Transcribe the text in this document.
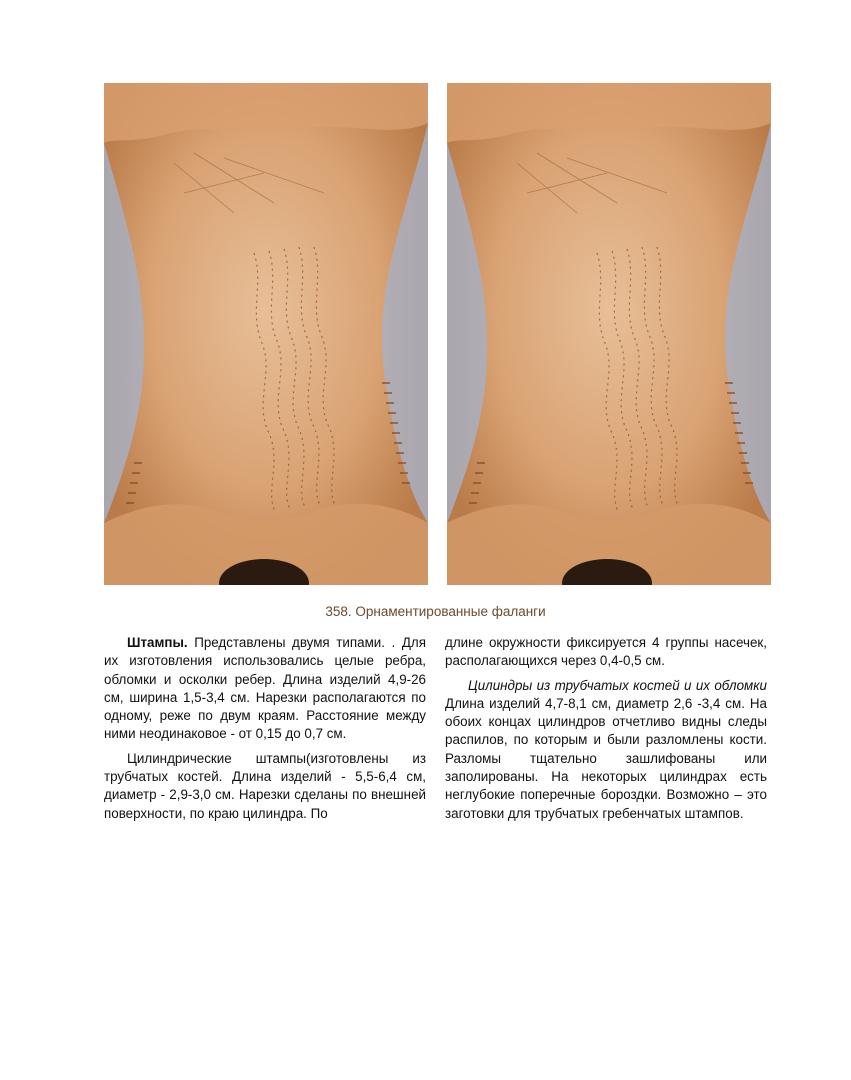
358. Орнаментированные фаланги

Штампы. Представлены двумя типами. . Для их изготовления использовались целые ребра, обломки и осколки ребер. Длина изделий 4,9-26 см, ширина 1,5-3,4 см. Нарезки располагаются по одному, реже по двум краям. Расстояние между ними неодинаковое - от 0,15 до 0,7 см.

Цилиндрические штампы(изготовлены из трубчатых костей. Длина изделий - 5,5-6,4 см, диаметр - 2,9-3,0 см. Нарезки сделаны по внешней поверхности, по краю цилиндра. По

длине окружности фиксируется 4 группы насечек, располагающихся через 0,4-0,5 см.

Цилиндры из трубчатых костей и их обломки Длина изделий 4,7-8,1 см, диаметр 2,6 -3,4 см. На обоих концах цилиндров отчетливо видны следы распилов, по которым и были разломлены кости. Разломы тщательно зашлифованы или заполированы. На некоторых цилиндрах есть неглубокие поперечные бороздки. Возможно – это заготовки для трубчатых гребенчатых штампов.
